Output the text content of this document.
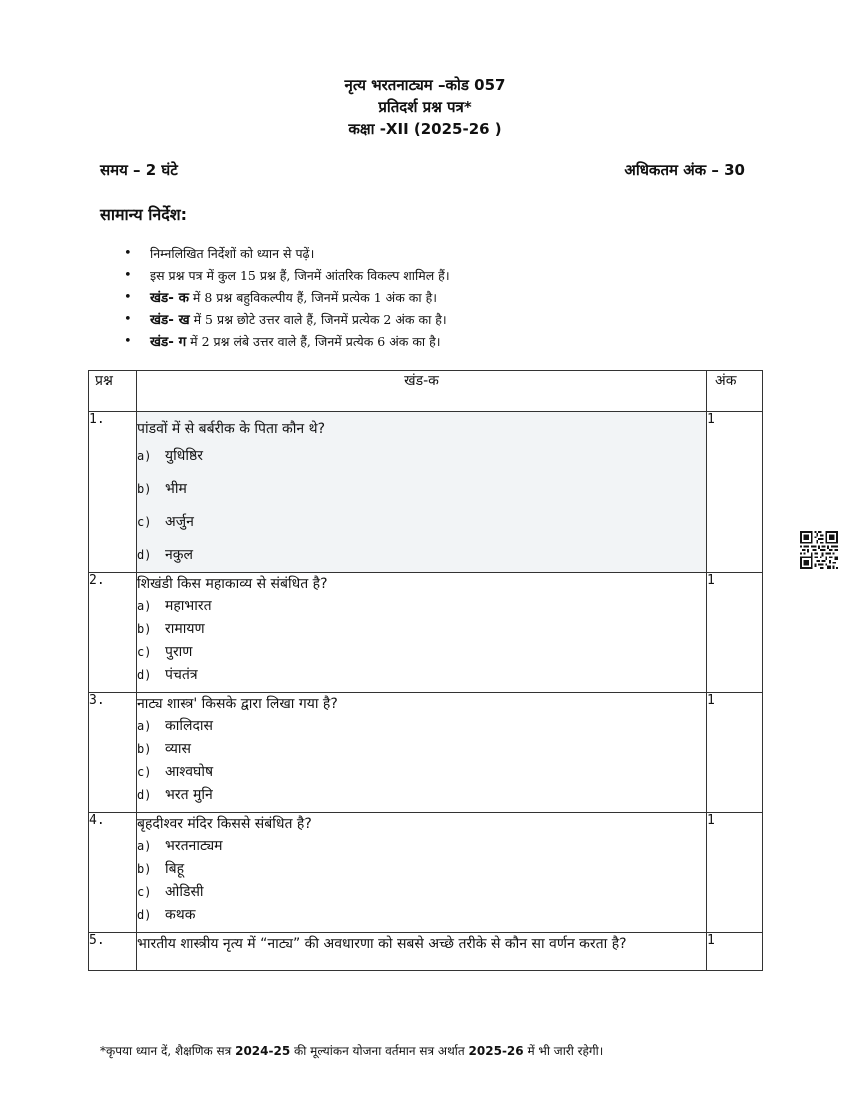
नृत्य भरतनाट्यम –कोड 057
प्रतिदर्श प्रश्न पत्र*
कक्षा -XII (2025-26 )
समय – 2 घंटे	अधिकतम अंक – 30
सामान्य निर्देश:
• निम्नलिखित निर्देशों को ध्यान से पढ़ें।
• इस प्रश्न पत्र में कुल 15 प्रश्न हैं, जिनमें आंतरिक विकल्प शामिल हैं।
• खंड- क में 8 प्रश्न बहुविकल्पीय हैं, जिनमें प्रत्येक 1 अंक का है।
• खंड- ख में 5 प्रश्न छोटे उत्तर वाले हैं, जिनमें प्रत्येक 2 अंक का है।
• खंड- ग में 2 प्रश्न लंबे उत्तर वाले हैं, जिनमें प्रत्येक 6 अंक का है।
प्रश्न	खंड-क	अंक
1.	पांडवों में से बर्बरीक के पिता कौन थे?
a) युधिष्ठिर
b) भीम
c) अर्जुन
d) नकुल	1
2.	शिखंडी किस महाकाव्य से संबंधित है?
a) महाभारत
b) रामायण
c) पुराण
d) पंचतंत्र	1
3.	नाट्य शास्त्र' किसके द्वारा लिखा गया है?
a) कालिदास
b) व्यास
c) आश्वघोष
d) भरत मुनि	1
4.	बृहदीश्वर मंदिर किससे संबंधित है?
a) भरतनाट्यम
b) बिहू
c) ओडिसी
d) कथक	1
5.	भारतीय शास्त्रीय नृत्य में “नाट्य” की अवधारणा को सबसे अच्छे तरीके से कौन सा वर्णन करता है?	1
*कृपया ध्यान दें, शैक्षणिक सत्र 2024-25 की मूल्यांकन योजना वर्तमान सत्र अर्थात 2025-26 में भी जारी रहेगी।
